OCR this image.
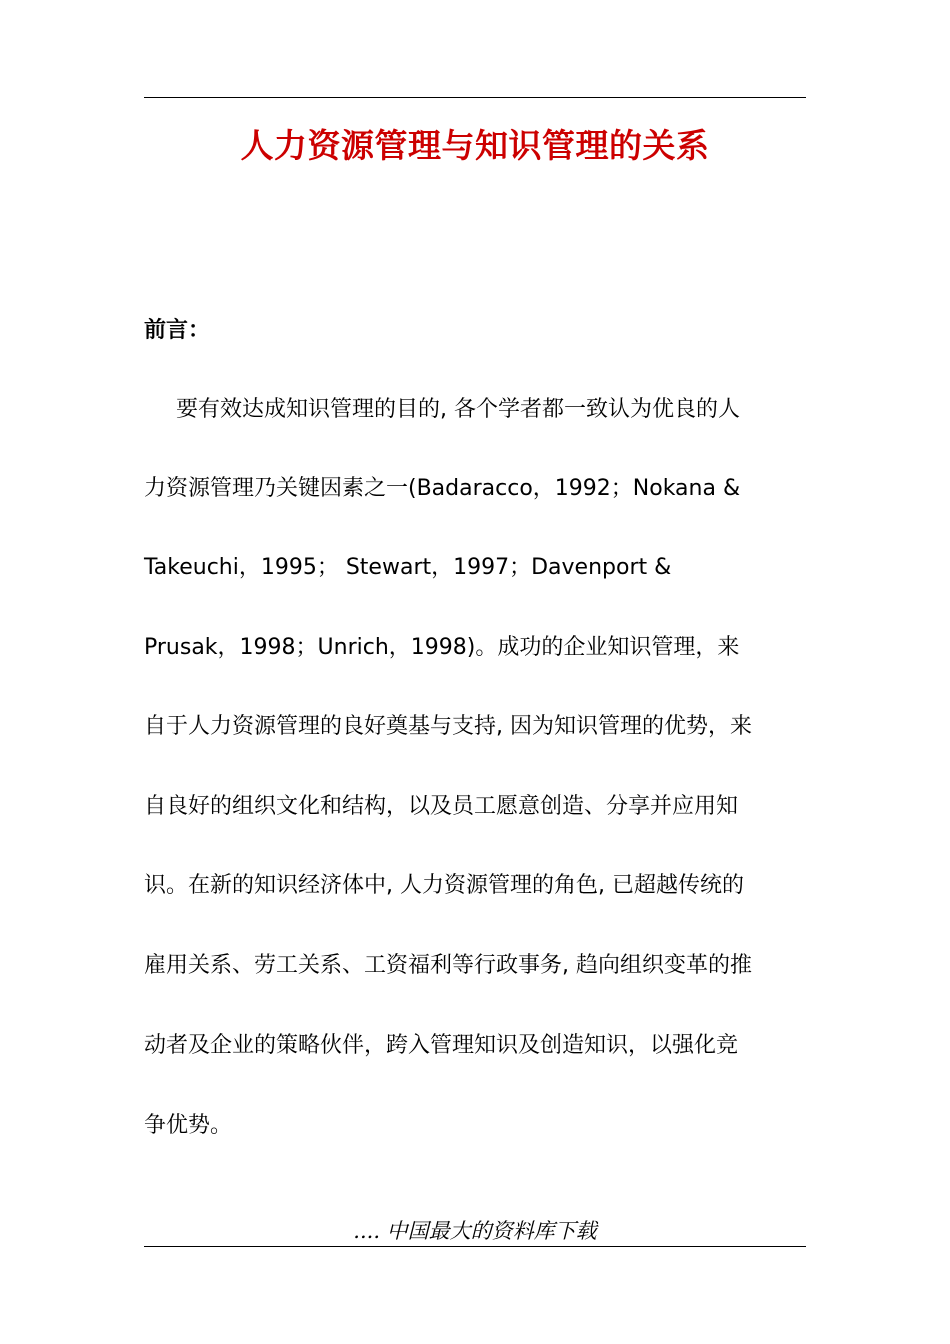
人力资源管理与知识管理的关系
前言：
要有效达成知识管理的目的, 各个学者都一致认为优良的人
力资源管理乃关键因素之一(Badaracco，1992；Nokana &
Takeuchi，1995； Stewart，1997；Davenport &
Prusak，1998；Unrich，1998)。成功的企业知识管理，来
自于人力资源管理的良好奠基与支持, 因为知识管理的优势，来
自良好的组织文化和结构，以及员工愿意创造、分享并应用知
识。在新的知识经济体中, 人力资源管理的角色, 已超越传统的
雇用关系、劳工关系、工资福利等行政事务, 趋向组织变革的推
动者及企业的策略伙伴，跨入管理知识及创造知识，以强化竞
争优势。
.... 中国最大的资料库下载
